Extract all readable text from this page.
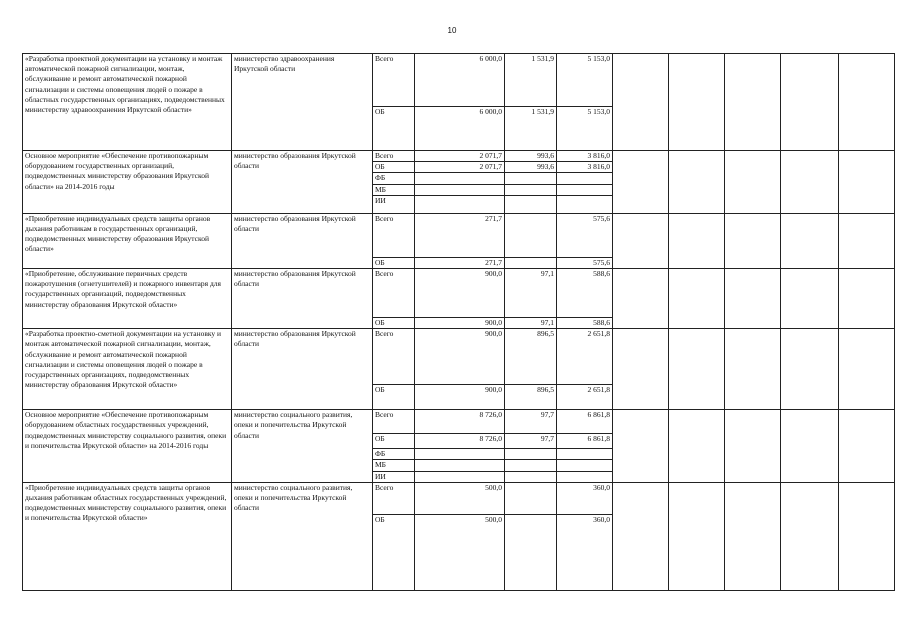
10
«Разработка проектной документации на установку и монтаж автоматической пожарной сигнализации, монтаж, обслуживание и ремонт автоматической пожарной сигнализации и системы оповещения людей о пожаре в областных государственных организациях, подведомственных министерству здравоохранения Иркутской области»	министерство здравоохранения Иркутской области	Всего	6 000,0	1 531,9	5 153,0					
		ОБ	6 000,0	1 531,9	5 153,0					
Основное мероприятие «Обеспечение противопожарным оборудованием государственных организаций, подведомственных министерству образования Иркутской области» на 2014-2016 годы	министерство образования Иркутской области	Всего	2 071,7	993,6	3 816,0					
		ОБ	2 071,7	993,6	3 816,0					
		ФБ								
		МБ								
		ИИ								
«Приобретение индивидуальных средств защиты органов дыхания работникам в государственных организаций, подведомственных министерству образования Иркутской области»	министерство образования Иркутской области	Всего	271,7		575,6					
		ОБ	271,7		575,6					
«Приобретение, обслуживание первичных средств пожаротушения (огнетушителей) и пожарного инвентаря для государственных организаций, подведомственных министерству образования Иркутской области»	министерство образования Иркутской области	Всего	900,0	97,1	588,6					
		ОБ	900,0	97,1	588,6					
«Разработка проектно-сметной документации на установку и монтаж автоматической пожарной сигнализации, монтаж, обслуживание и ремонт автоматической пожарной сигнализации и системы оповещения людей о пожаре в государственных организациях, подведомственных министерству образования Иркутской области»	министерство образования Иркутской области	Всего	900,0	896,5	2 651,8					
		ОБ	900,0	896,5	2 651,8					
Основное мероприятие «Обеспечение противопожарным оборудованием областных государственных учреждений, подведомственных министерству социального развития, опеки и попечительства Иркутской области» на 2014-2016 годы	министерство социального развития, опеки и попечительства Иркутской области	Всего	8 726,0	97,7	6 861,8					
		ОБ	8 726,0	97,7	6 861,8					
		ФБ								
		МБ								
		ИИ								
«Приобретение индивидуальных средств защиты органов дыхания работникам областных государственных учреждений, подведомственных министерству социального развития, опеки и попечительства Иркутской области»	министерство социального развития, опеки и попечительства Иркутской области	Всего	500,0		360,0					
		ОБ	500,0		360,0					
